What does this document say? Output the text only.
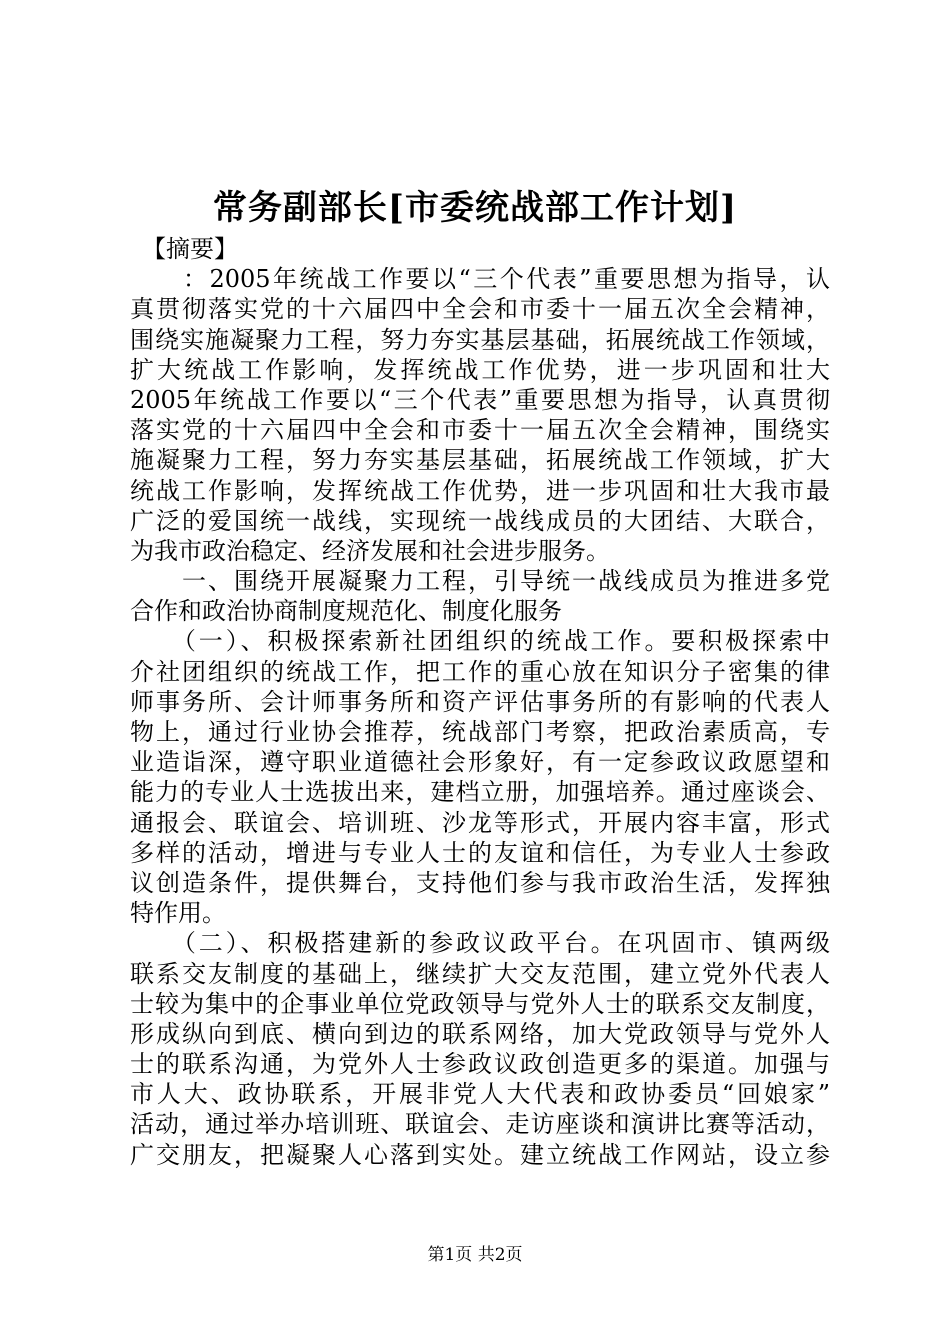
常务副部长[市委统战部工作计划]
　【摘要】
　　：2005年统战工作要以“三个代表”重要思想为指导，认
真贯彻落实党的十六届四中全会和市委十一届五次全会精神，
围绕实施凝聚力工程，努力夯实基层基础，拓展统战工作领域，
扩大统战工作影响，发挥统战工作优势，进一步巩固和壮大
2005年统战工作要以“三个代表”重要思想为指导，认真贯彻
落实党的十六届四中全会和市委十一届五次全会精神，围绕实
施凝聚力工程，努力夯实基层基础，拓展统战工作领域，扩大
统战工作影响，发挥统战工作优势，进一步巩固和壮大我市最
广泛的爱国统一战线，实现统一战线成员的大团结、大联合，
为我市政治稳定、经济发展和社会进步服务。
　　一、围绕开展凝聚力工程，引导统一战线成员为推进多党
合作和政治协商制度规范化、制度化服务
　　（一）、积极探索新社团组织的统战工作。要积极探索中
介社团组织的统战工作，把工作的重心放在知识分子密集的律
师事务所、会计师事务所和资产评估事务所的有影响的代表人
物上，通过行业协会推荐，统战部门考察，把政治素质高，专
业造诣深，遵守职业道德社会形象好，有一定参政议政愿望和
能力的专业人士选拔出来，建档立册，加强培养。通过座谈会、
通报会、联谊会、培训班、沙龙等形式，开展内容丰富，形式
多样的活动，增进与专业人士的友谊和信任，为专业人士参政
议创造条件，提供舞台，支持他们参与我市政治生活，发挥独
特作用。
　　（二）、积极搭建新的参政议政平台。在巩固市、镇两级
联系交友制度的基础上，继续扩大交友范围，建立党外代表人
士较为集中的企事业单位党政领导与党外人士的联系交友制度，
形成纵向到底、横向到边的联系网络，加大党政领导与党外人
士的联系沟通，为党外人士参政议政创造更多的渠道。加强与
市人大、政协联系，开展非党人大代表和政协委员“回娘家”
活动，通过举办培训班、联谊会、走访座谈和演讲比赛等活动，
广交朋友，把凝聚人心落到实处。建立统战工作网站，设立参
第1页 共2页
